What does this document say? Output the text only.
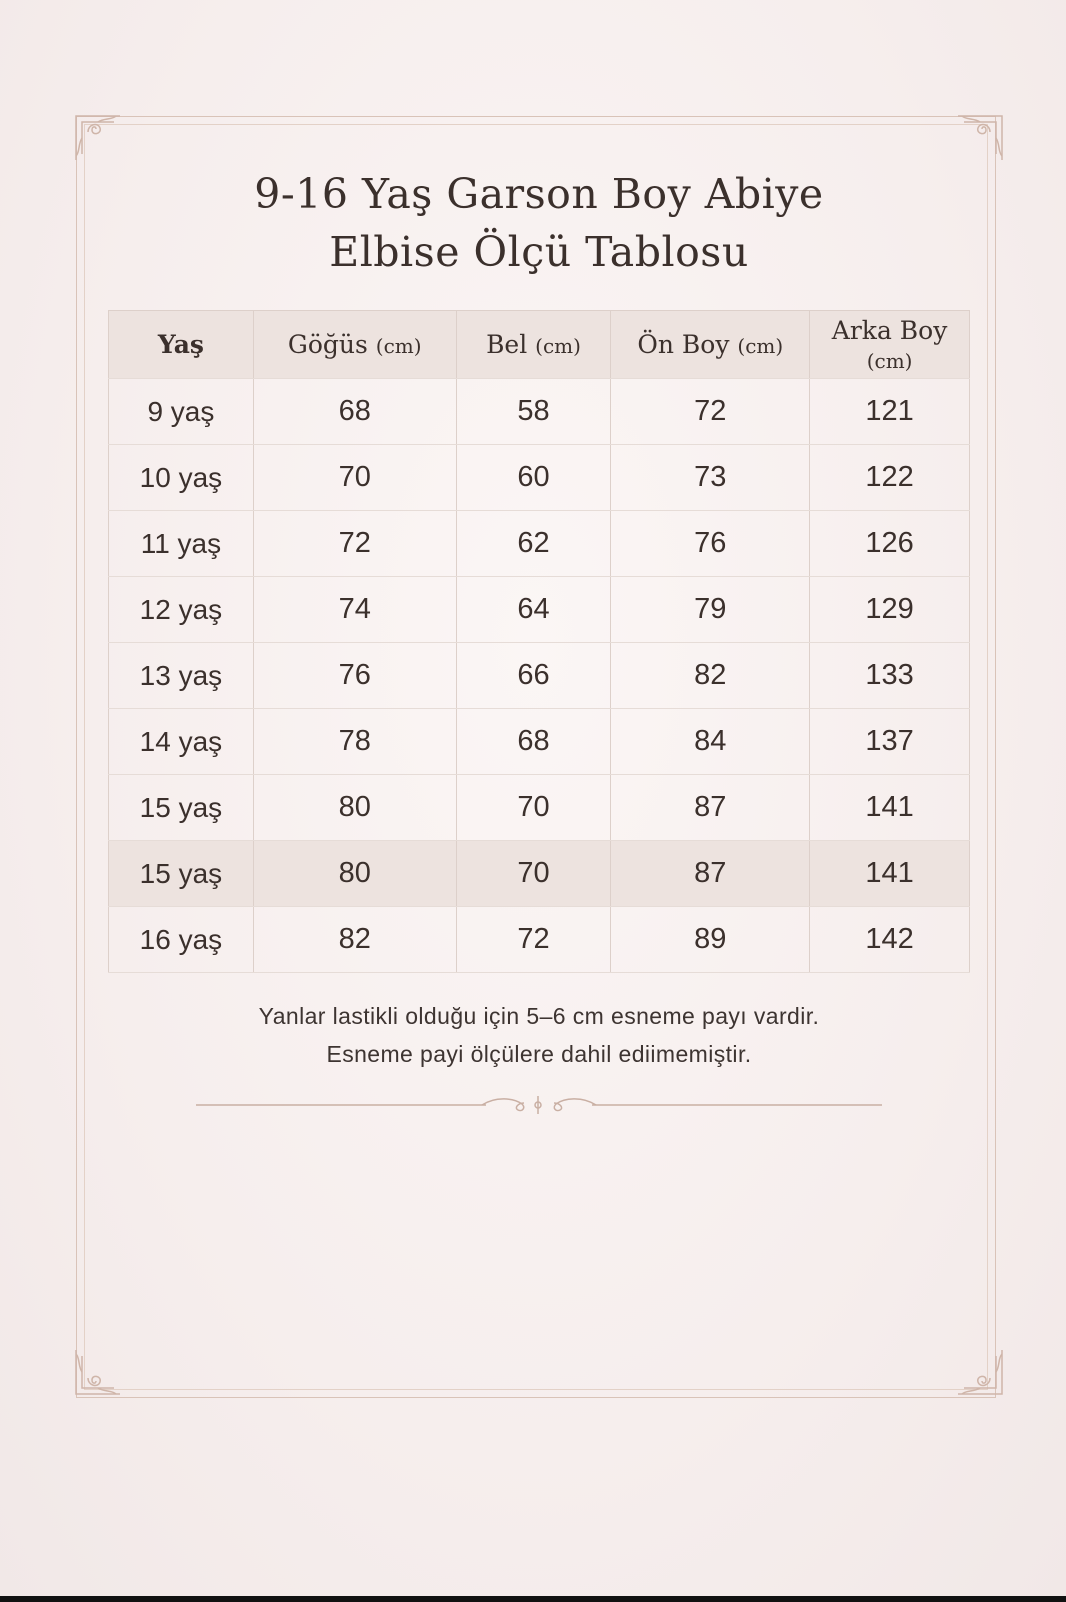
9-16 Yaş Garson Boy Abiye
Elbise Ölçü Tablosu
Yaş	Göğüs (cm)	Bel (cm)	Ön Boy (cm)	Arka Boy (cm)
9 yaş	68	58	72	121
10 yaş	70	60	73	122
11 yaş	72	62	76	126
12 yaş	74	64	79	129
13 yaş	76	66	82	133
14 yaş	78	68	84	137
15 yaş	80	70	87	141
15 yaş	80	70	87	141
16 yaş	82	72	89	142

Yanlar lastikli olduğu için 5–6 cm esneme payı vardir.

Esneme payi ölçülere dahil ediimemiştir.
